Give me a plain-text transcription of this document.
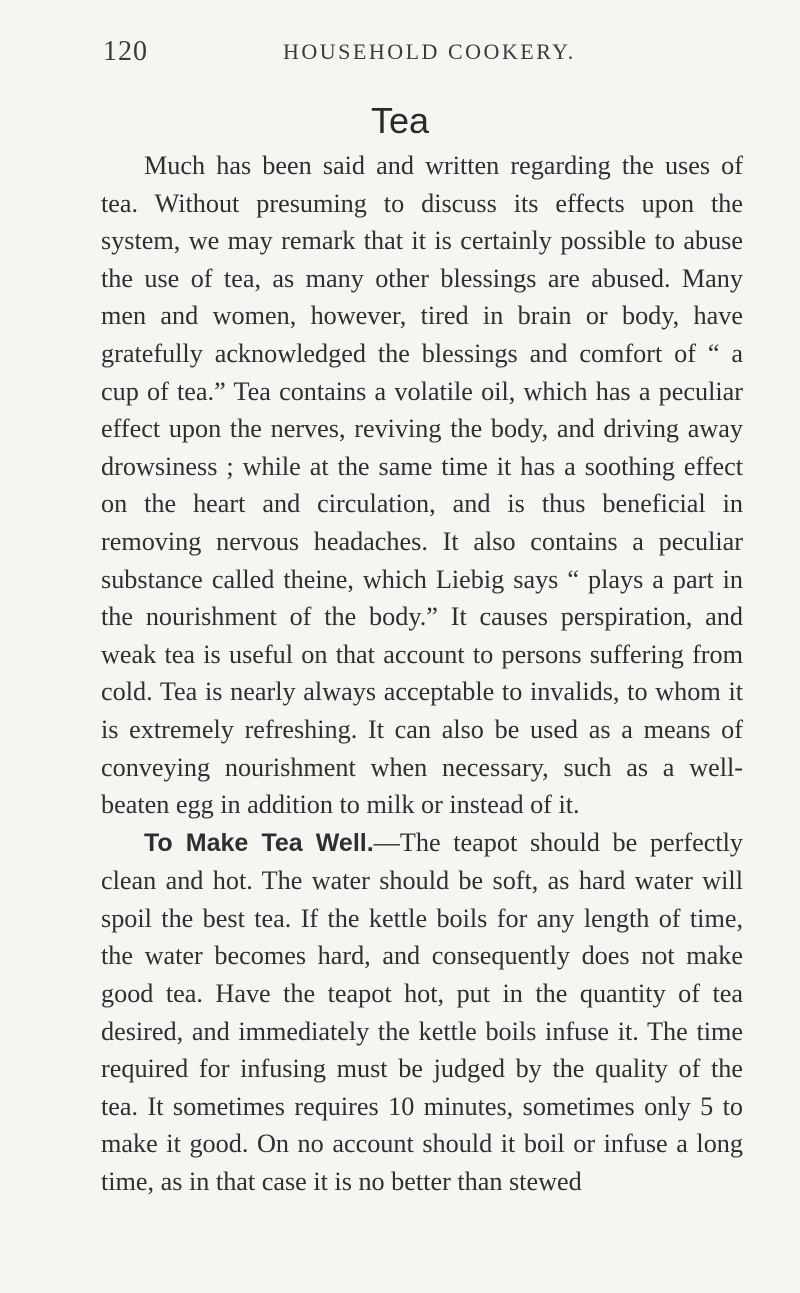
120	HOUSEHOLD COOKERY.
Tea

Much has been said and written regarding the uses of tea. Without presuming to discuss its effects upon the system, we may remark that it is certainly possible to abuse the use of tea, as many other blessings are abused. Many men and women, however, tired in brain or body, have gratefully acknowledged the blessings and comfort of “ a cup of tea.” Tea contains a volatile oil, which has a peculiar effect upon the nerves, reviving the body, and driving away drowsiness ; while at the same time it has a soothing effect on the heart and circulation, and is thus beneficial in removing nervous headaches. It also contains a peculiar substance called theine, which Liebig says “ plays a part in the nourishment of the body.” It causes perspiration, and weak tea is useful on that account to persons suffering from cold. Tea is nearly always acceptable to invalids, to whom it is extremely refreshing. It can also be used as a means of conveying nourishment when necessary, such as a well-beaten egg in addition to milk or instead of it.

To Make Tea Well.—The teapot should be perfectly clean and hot. The water should be soft, as hard water will spoil the best tea. If the kettle boils for any length of time, the water becomes hard, and consequently does not make good tea. Have the teapot hot, put in the quantity of tea desired, and immediately the kettle boils infuse it. The time required for infusing must be judged by the quality of the tea. It sometimes requires 10 minutes, sometimes only 5 to make it good. On no account should it boil or infuse a long time, as in that case it is no better than stewed
